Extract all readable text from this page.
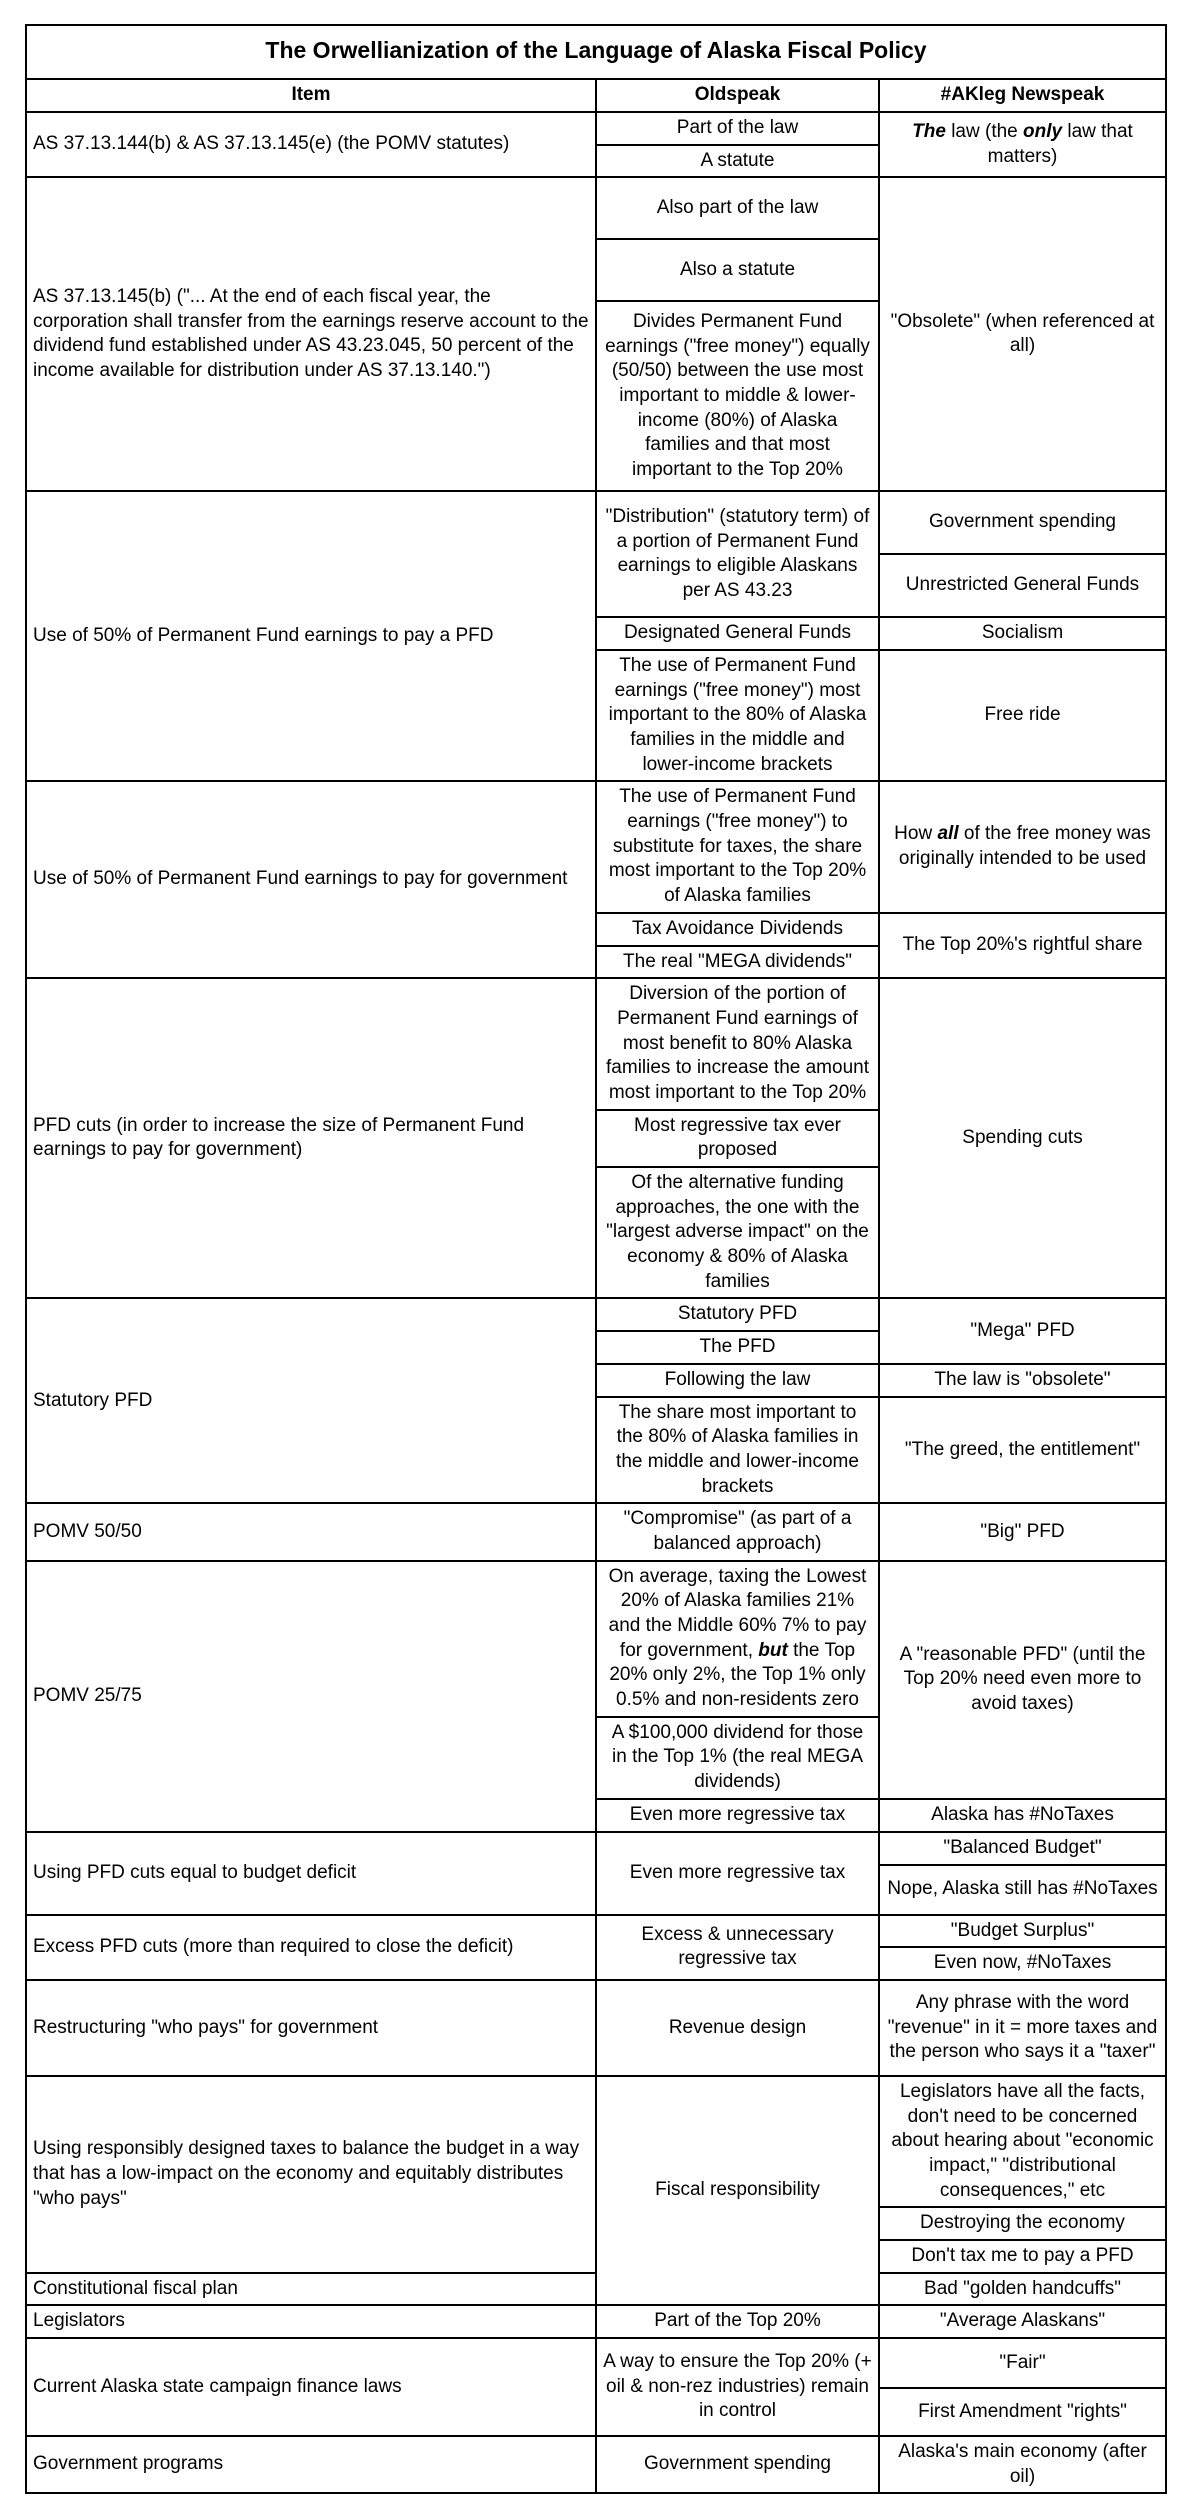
The Orwellianization of the Language of Alaska Fiscal Policy		
Item	Oldspeak	#AKleg Newspeak
AS 37.13.144(b) & AS 37.13.145(e) (the POMV statutes)	Part of the law	The law (the only law that matters)
	A statute	
AS 37.13.145(b) ("... At the end of each fiscal year, the corporation shall transfer from the earnings reserve account to the dividend fund established under AS 43.23.045, 50 percent of the income available for distribution under AS 37.13.140.")	Also part of the law	"Obsolete" (when referenced at all)
	Also a statute	
	Divides Permanent Fund earnings ("free money") equally (50/50) between the use most important to middle & lower-income (80%) of Alaska families and that most important to the Top 20%	
Use of 50% of Permanent Fund earnings to pay a PFD	"Distribution" (statutory term) of a portion of Permanent Fund earnings to eligible Alaskans per AS 43.23	Government spending
		Unrestricted General Funds
	Designated General Funds	Socialism
	The use of Permanent Fund earnings ("free money") most important to the 80% of Alaska families in the middle and lower-income brackets	Free ride
Use of 50% of Permanent Fund earnings to pay for government	The use of Permanent Fund earnings ("free money") to substitute for taxes, the share most important to the Top 20% of Alaska families	How all of the free money was originally intended to be used
	Tax Avoidance Dividends	The Top 20%'s rightful share
	The real "MEGA dividends"	
PFD cuts (in order to increase the size of Permanent Fund earnings to pay for government)	Diversion of the portion of Permanent Fund earnings of most benefit to 80% Alaska families to increase the amount most important to the Top 20%	Spending cuts
	Most regressive tax ever proposed	
	Of the alternative funding approaches, the one with the "largest adverse impact" on the economy & 80% of Alaska families	
Statutory PFD	Statutory PFD	"Mega" PFD
	The PFD	
	Following the law	The law is "obsolete"
	The share most important to the 80% of Alaska families in the middle and lower-income brackets	"The greed, the entitlement"
POMV 50/50	"Compromise" (as part of a balanced approach)	"Big" PFD
POMV 25/75	On average, taxing the Lowest 20% of Alaska families 21% and the Middle 60% 7% to pay for government, but the Top 20% only 2%, the Top 1% only 0.5% and non-residents zero	A "reasonable PFD" (until the Top 20% need even more to avoid taxes)
	A $100,000 dividend for those in the Top 1% (the real MEGA dividends)	
	Even more regressive tax	Alaska has #NoTaxes
Using PFD cuts equal to budget deficit	Even more regressive tax	"Balanced Budget"
		Nope, Alaska still has #NoTaxes
Excess PFD cuts (more than required to close the deficit)	Excess & unnecessary regressive tax	"Budget Surplus"
		Even now, #NoTaxes
Restructuring "who pays" for government	Revenue design	Any phrase with the word "revenue" in it = more taxes and the person who says it a "taxer"
Using responsibly designed taxes to balance the budget in a way that has a low-impact on the economy and equitably distributes "who pays"	Fiscal responsibility	Legislators have all the facts, don't need to be concerned about hearing about "economic impact," "distributional consequences," etc
		Destroying the economy
		Don't tax me to pay a PFD
Constitutional fiscal plan		Bad "golden handcuffs"
Legislators	Part of the Top 20%	"Average Alaskans"
Current Alaska state campaign finance laws	A way to ensure the Top 20% (+ oil & non-rez industries) remain in control	"Fair"
		First Amendment "rights"
Government programs	Government spending	Alaska's main economy (after oil)
